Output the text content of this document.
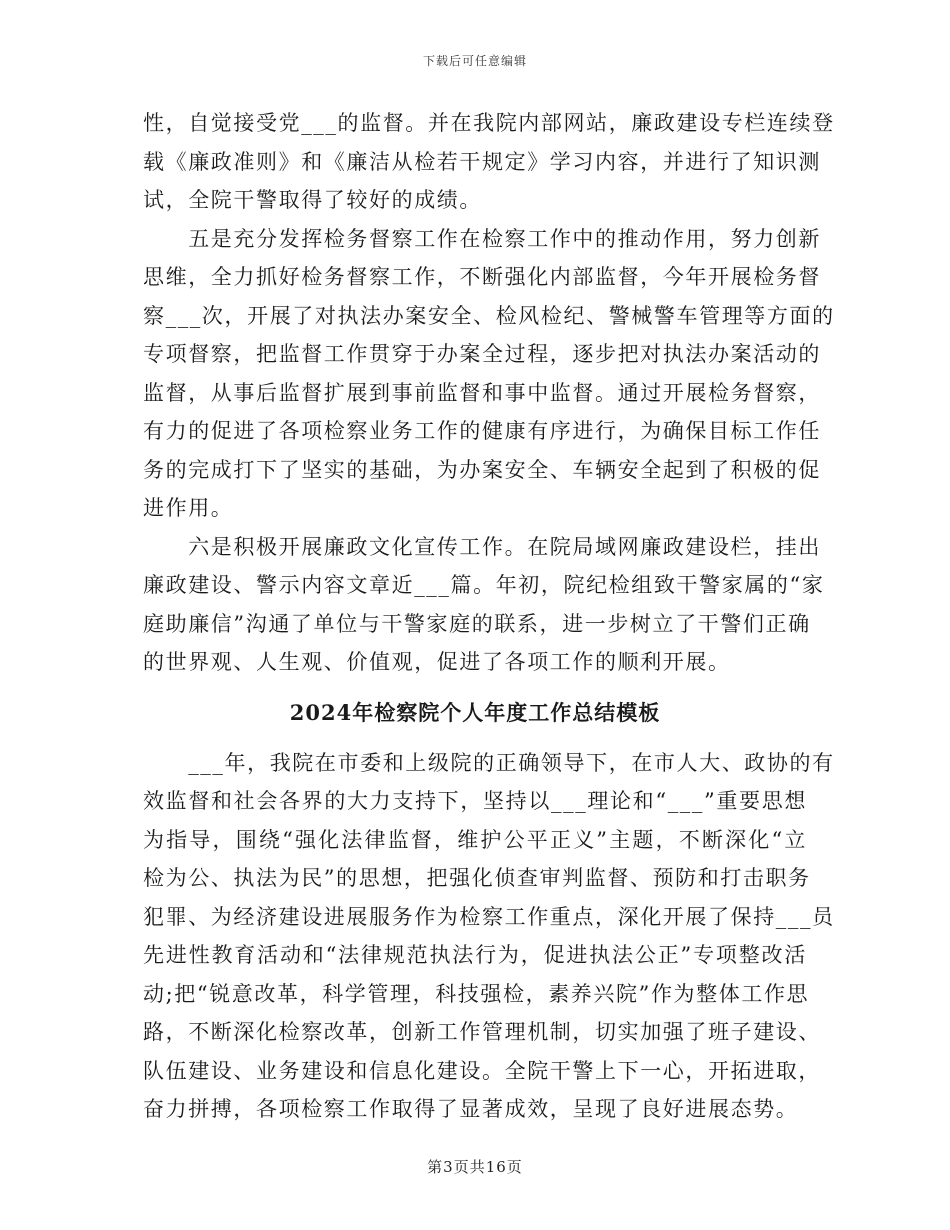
下载后可任意编辑
性，自觉接受党___的监督。并在我院内部网站，廉政建设专栏连续登
载《廉政准则》和《廉洁从检若干规定》学习内容，并进行了知识测
试，全院干警取得了较好的成绩。
　　五是充分发挥检务督察工作在检察工作中的推动作用，努力创新
思维，全力抓好检务督察工作，不断强化内部监督，今年开展检务督
察___次，开展了对执法办案安全、检风检纪、警械警车管理等方面的
专项督察，把监督工作贯穿于办案全过程，逐步把对执法办案活动的
监督，从事后监督扩展到事前监督和事中监督。通过开展检务督察，
有力的促进了各项检察业务工作的健康有序进行，为确保目标工作任
务的完成打下了坚实的基础，为办案安全、车辆安全起到了积极的促
进作用。
　　六是积极开展廉政文化宣传工作。在院局域网廉政建设栏，挂出
廉政建设、警示内容文章近___篇。年初，院纪检组致干警家属的“家
庭助廉信”沟通了单位与干警家庭的联系，进一步树立了干警们正确
的世界观、人生观、价值观，促进了各项工作的顺利开展。
2024年检察院个人年度工作总结模板
　　___年，我院在市委和上级院的正确领导下，在市人大、政协的有
效监督和社会各界的大力支持下，坚持以___理论和“___”重要思想
为指导，围绕“强化法律监督，维护公平正义”主题，不断深化“立
检为公、执法为民”的思想，把强化侦查审判监督、预防和打击职务
犯罪、为经济建设进展服务作为检察工作重点，深化开展了保持___员
先进性教育活动和“法律规范执法行为，促进执法公正”专项整改活
动;把“锐意改革，科学管理，科技强检，素养兴院”作为整体工作思
路，不断深化检察改革，创新工作管理机制，切实加强了班子建设、
队伍建设、业务建设和信息化建设。全院干警上下一心，开拓进取，
奋力拼搏，各项检察工作取得了显著成效，呈现了良好进展态势。
第3页共16页
